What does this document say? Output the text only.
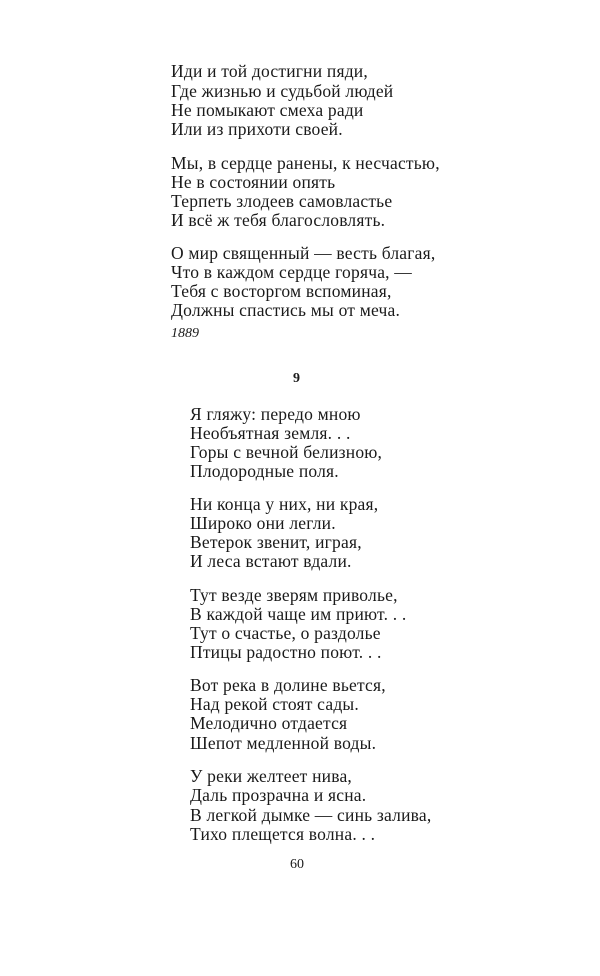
Иди и той достигни пяди,
Где жизнью и судьбой людей
Не помыкают смеха ради
Или из прихоти своей.
Мы, в сердце ранены, к несчастью,
Не в состоянии опять
Терпеть злодеев самовластье
И всё ж тебя благословлять.
О мир священный — весть благая,
Что в каждом сердце горяча, —
Тебя с восторгом вспоминая,
Должны спастись мы от меча.
1889
9
Я гляжу: передо мною
Необъятная земля. . .
Горы с вечной белизною,
Плодородные поля.
Ни конца у них, ни края,
Широко они легли.
Ветерок звенит, играя,
И леса встают вдали.
Тут везде зверям приволье,
В каждой чаще им приют. . .
Тут о счастье, о раздолье
Птицы радостно поют. . .
Вот река в долине вьется,
Над рекой стоят сады.
Мелодично отдается
Шепот медленной воды.
У реки желтеет нива,
Даль прозрачна и ясна.
В легкой дымке — синь залива,
Тихо плещется волна. . .
60
